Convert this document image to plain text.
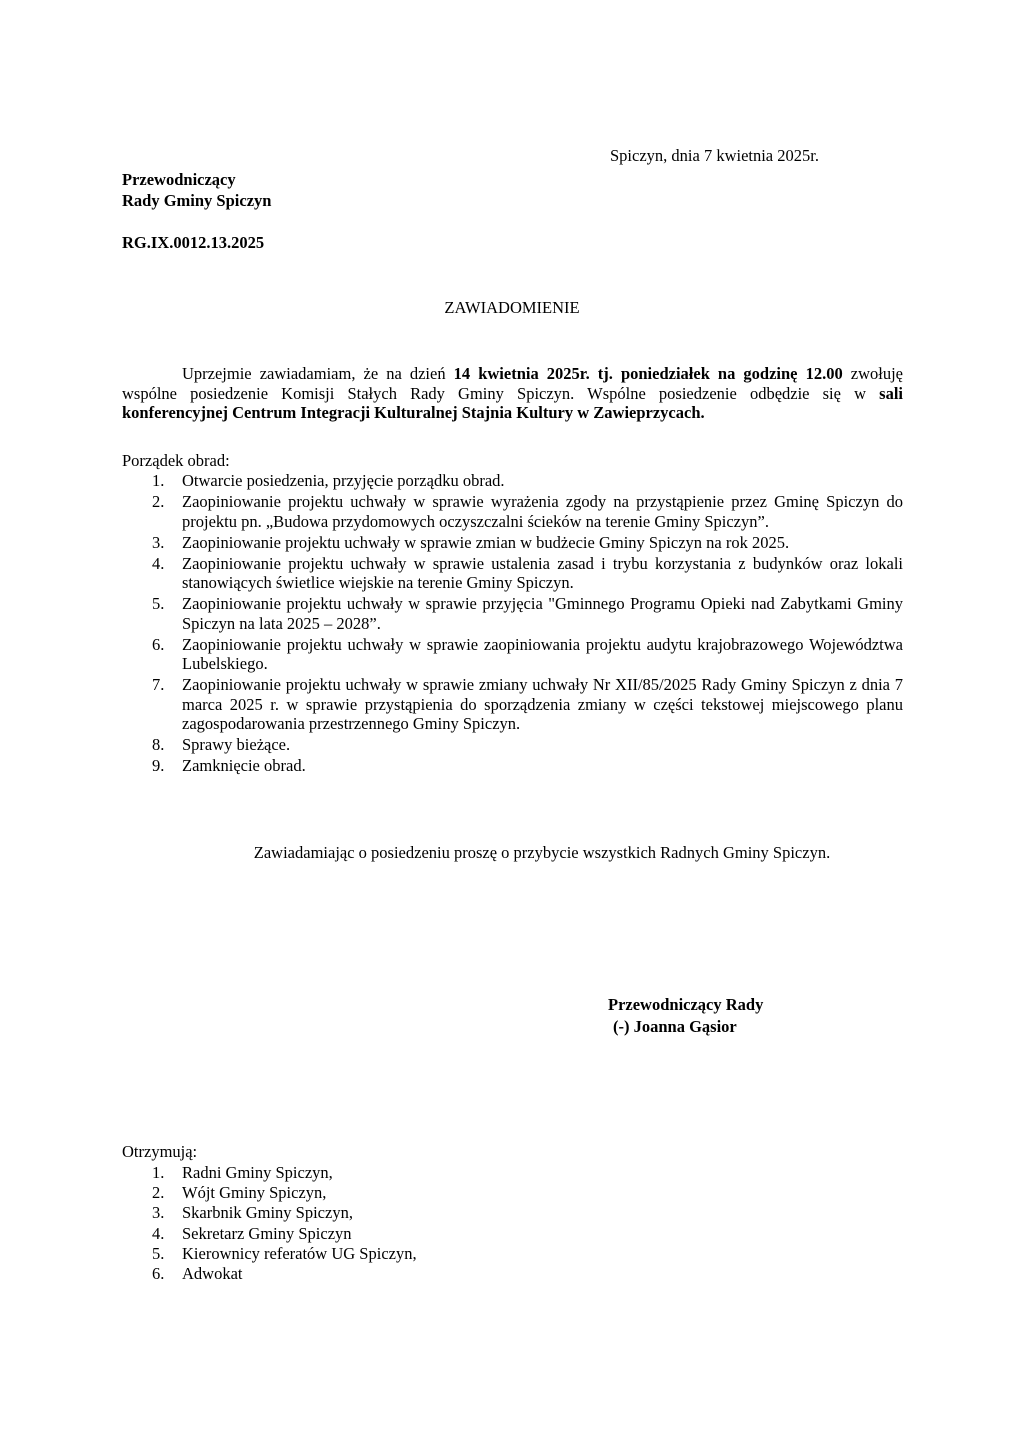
Spiczyn, dnia 7 kwietnia 2025r.
Przewodniczący
Rady Gminy Spiczyn
RG.IX.0012.13.2025
ZAWIADOMIENIE
Uprzejmie zawiadamiam, że na dzień 14 kwietnia 2025r. tj. poniedziałek na godzinę 12.00 zwołuję wspólne posiedzenie Komisji Stałych Rady Gminy Spiczyn. Wspólne posiedzenie odbędzie się w sali konferencyjnej Centrum Integracji Kulturalnej Stajnia Kultury w Zawieprzycach.
Porządek obrad:
1. Otwarcie posiedzenia, przyjęcie porządku obrad.
2. Zaopiniowanie projektu uchwały w sprawie wyrażenia zgody na przystąpienie przez Gminę Spiczyn do projektu pn. „Budowa przydomowych oczyszczalni ścieków na terenie Gminy Spiczyn”.
3. Zaopiniowanie projektu uchwały w sprawie zmian w budżecie Gminy Spiczyn na rok 2025.
4. Zaopiniowanie projektu uchwały w sprawie ustalenia zasad i trybu korzystania z budynków oraz lokali stanowiących świetlice wiejskie na terenie Gminy Spiczyn.
5. Zaopiniowanie projektu uchwały w sprawie przyjęcia "Gminnego Programu Opieki nad Zabytkami Gminy Spiczyn na lata 2025 – 2028”.
6. Zaopiniowanie projektu uchwały w sprawie zaopiniowania projektu audytu krajobrazowego Województwa Lubelskiego.
7. Zaopiniowanie projektu uchwały w sprawie zmiany uchwały Nr XII/85/2025 Rady Gminy Spiczyn z dnia 7 marca 2025 r. w sprawie przystąpienia do sporządzenia zmiany w części tekstowej miejscowego planu zagospodarowania przestrzennego Gminy Spiczyn.
8. Sprawy bieżące.
9. Zamknięcie obrad.
Zawiadamiając o posiedzeniu proszę o przybycie wszystkich Radnych Gminy Spiczyn.
Przewodniczący Rady
(-) Joanna Gąsior
Otrzymują:
1. Radni Gminy Spiczyn,
2. Wójt Gminy Spiczyn,
3. Skarbnik Gminy Spiczyn,
4. Sekretarz Gminy Spiczyn
5. Kierownicy referatów UG Spiczyn,
6. Adwokat
